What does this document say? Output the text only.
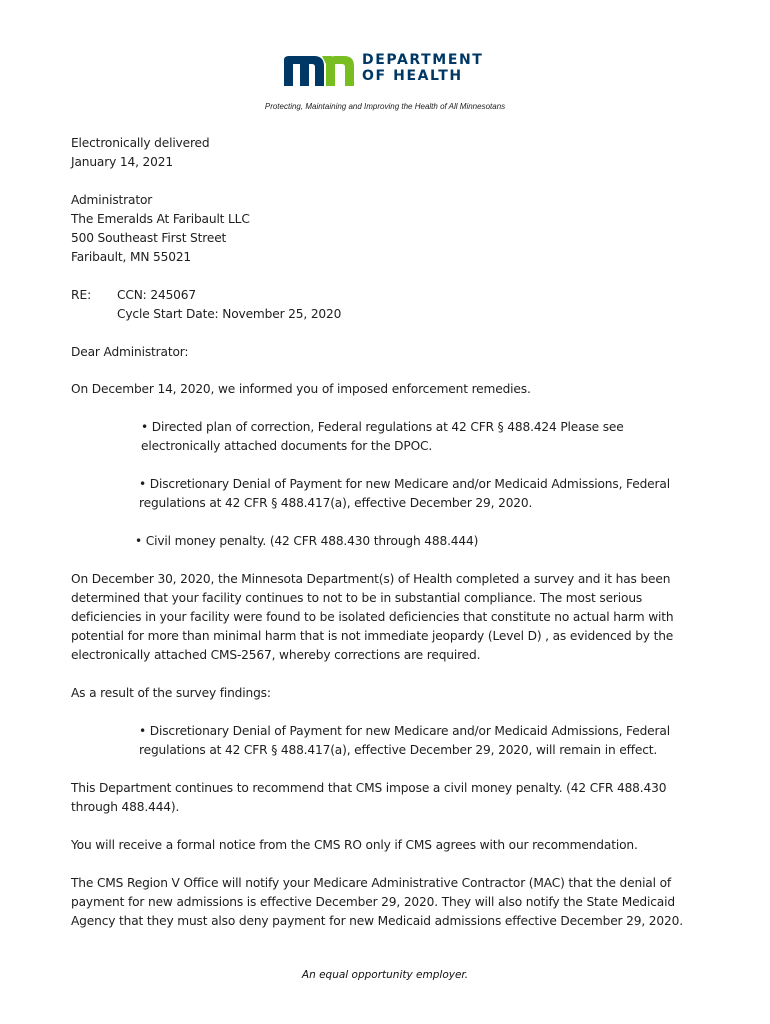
DEPARTMENT
OF HEALTH
Protecting, Maintaining and Improving the Health of All Minnesotans
Electronically delivered
January 14, 2021
Administrator
The Emeralds At Faribault LLC
500 Southeast First Street
Faribault, MN 55021
RE: CCN: 245067
Cycle Start Date: November 25, 2020
Dear Administrator:
On December 14, 2020, we informed you of imposed enforcement remedies.
• Directed plan of correction, Federal regulations at 42 CFR § 488.424 Please see
electronically attached documents for the DPOC.
• Discretionary Denial of Payment for new Medicare and/or Medicaid Admissions, Federal
regulations at 42 CFR § 488.417(a), effective December 29, 2020.
• Civil money penalty. (42 CFR 488.430 through 488.444)
On December 30, 2020, the Minnesota Department(s) of Health completed a survey and it has been
determined that your facility continues to not to be in substantial compliance. The most serious
deficiencies in your facility were found to be isolated deficiencies that constitute no actual harm with
potential for more than minimal harm that is not immediate jeopardy (Level D) , as evidenced by the
electronically attached CMS-2567, whereby corrections are required.
As a result of the survey findings:
• Discretionary Denial of Payment for new Medicare and/or Medicaid Admissions, Federal
regulations at 42 CFR § 488.417(a), effective December 29, 2020, will remain in effect.
This Department continues to recommend that CMS impose a civil money penalty. (42 CFR 488.430
through 488.444).
You will receive a formal notice from the CMS RO only if CMS agrees with our recommendation.
The CMS Region V Office will notify your Medicare Administrative Contractor (MAC) that the denial of
payment for new admissions is effective December 29, 2020. They will also notify the State Medicaid
Agency that they must also deny payment for new Medicaid admissions effective December 29, 2020.
An equal opportunity employer.
